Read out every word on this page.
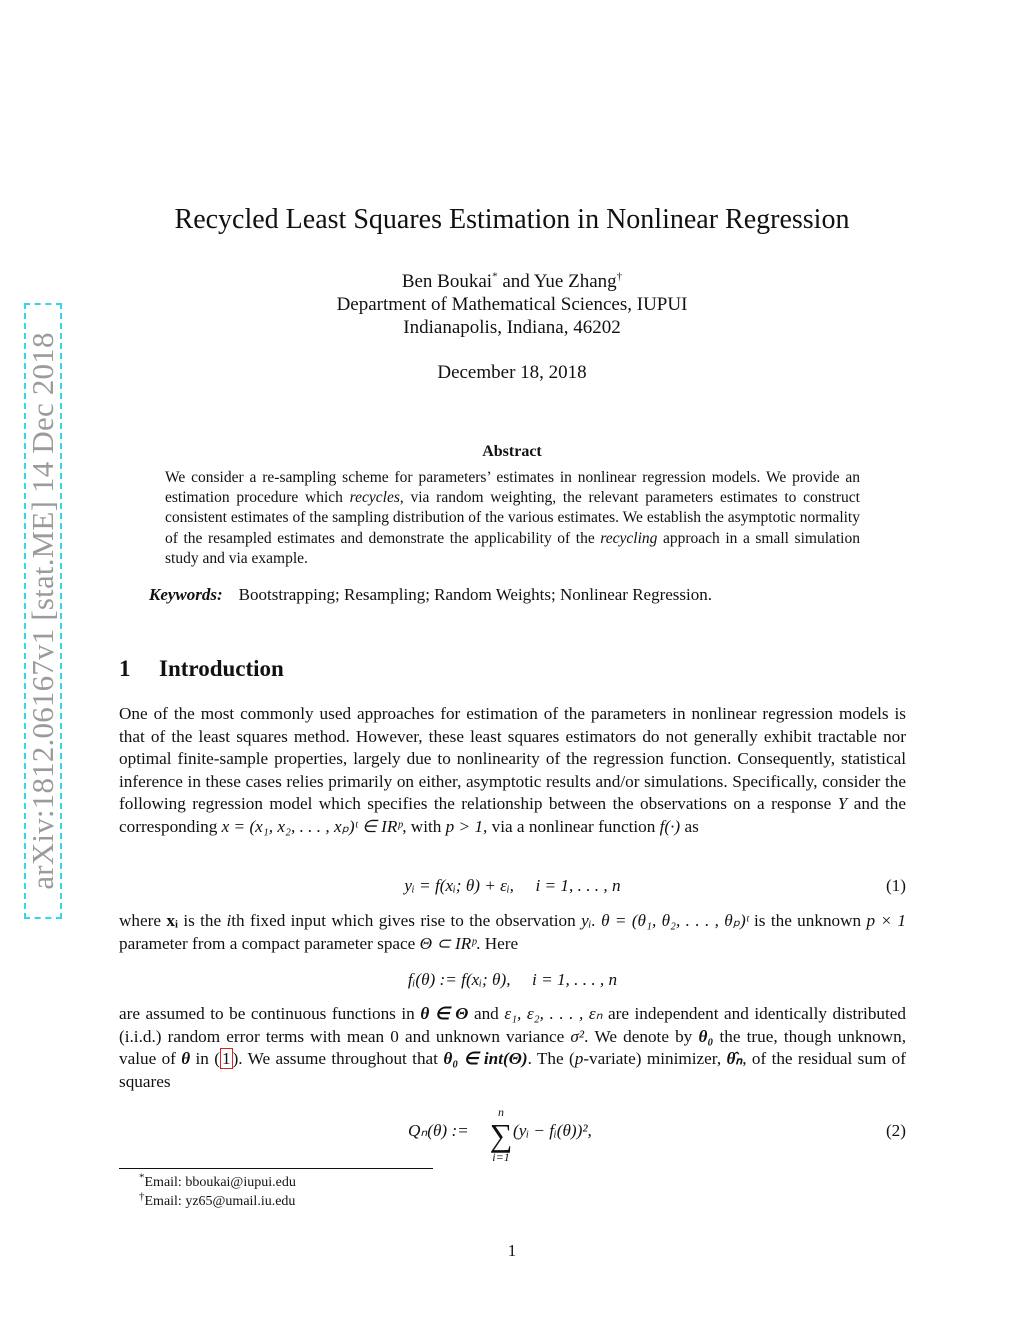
arXiv:1812.06167v1 [stat.ME] 14 Dec 2018
Recycled Least Squares Estimation in Nonlinear Regression
Ben Boukai* and Yue Zhang†
Department of Mathematical Sciences, IUPUI
Indianapolis, Indiana, 46202
December 18, 2018
Abstract
We consider a re-sampling scheme for parameters’ estimates in nonlinear regression models. We provide an estimation procedure which recycles, via random weighting, the relevant parameters estimates to construct consistent estimates of the sampling distribution of the various estimates. We establish the asymptotic normality of the resampled estimates and demonstrate the applicability of the recycling approach in a small simulation study and via example.
Keywords: Bootstrapping; Resampling; Random Weights; Nonlinear Regression.
1 Introduction
One of the most commonly used approaches for estimation of the parameters in nonlinear regression models is that of the least squares method. However, these least squares estimators do not generally exhibit tractable nor optimal finite-sample properties, largely due to nonlinearity of the regression function. Consequently, statistical inference in these cases relies primarily on either, asymptotic results and/or simulations. Specifically, consider the following regression model which specifies the relationship between the observations on a response Y and the corresponding x = (x₁, x₂, . . . , xₚ)ᵗ ∈ IRᵖ, with p > 1, via a nonlinear function f(·) as
yᵢ = f(xᵢ; θ) + εᵢ, i = 1, . . . , n	(1)
where xᵢ is the ith fixed input which gives rise to the observation yᵢ. θ = (θ₁, θ₂, . . . , θₚ)ᵗ is the unknown p × 1 parameter from a compact parameter space Θ ⊂ IRᵖ. Here
fᵢ(θ) := f(xᵢ; θ), i = 1, . . . , n
are assumed to be continuous functions in θ ∈ Θ and ε₁, ε₂, . . . , εₙ are independent and identically distributed (i.i.d.) random error terms with mean 0 and unknown variance σ². We denote by θ₀ the true, though unknown, value of θ in ( 1 ). We assume throughout that θ₀ ∈ int(Θ). The (p-variate) minimizer, θ̂ₙ, of the residual sum of squares
Qₙ(θ) :=	(yᵢ − fᵢ(θ))²,	(2)
n
∑
i=1
*Email: bboukai@iupui.edu
†Email: yz65@umail.iu.edu
1
